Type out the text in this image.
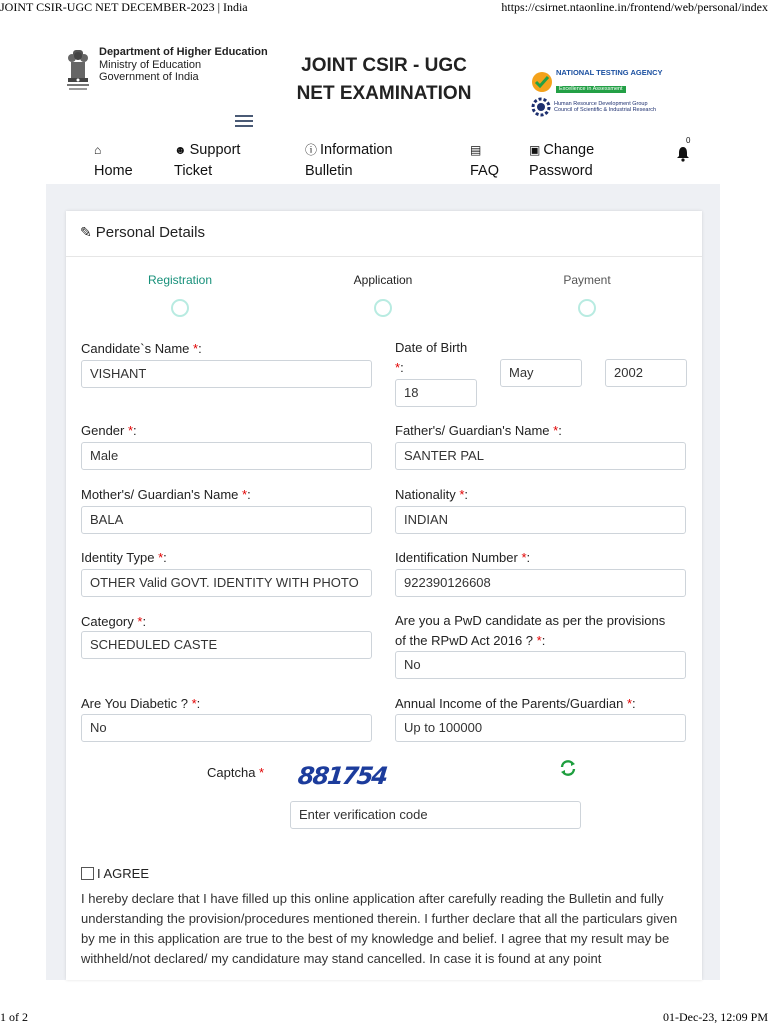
JOINT CSIR-UGC NET DECEMBER-2023 | India	https://csirnet.ntaonline.in/frontend/web/personal/index
Department of Higher Education
Ministry of Education
Government of India
JOINT CSIR - UGC
NET EXAMINATION
NATIONAL TESTING AGENCY
Excellence in Assessment
Human Resource Development Group
Council of Scientific & Industrial Research
⌂
Home
☻ Support
Ticket
ⓘ Information
Bulletin
▤
FAQ
▣ Change
Password
0
✎ Personal Details
Registration	Application	Payment
Candidate`s Name *:
VISHANT
Date of Birth
*:
18
May	2002
Gender *:
Male
Father's/ Guardian's Name *:
SANTER PAL
Mother's/ Guardian's Name *:
BALA
Nationality *:
INDIAN
Identity Type *:
OTHER Valid GOVT. IDENTITY WITH PHOTO
Identification Number *:
922390126608
Category *:
SCHEDULED CASTE
Are you a PwD candidate as per the provisions
of the RPwD Act 2016 ? *:
No
Are You Diabetic ? *:
No
Annual Income of the Parents/Guardian *:
Up to 100000
Captcha * 881754
Enter verification code
I AGREE
I hereby declare that I have filled up this online application after carefully reading the Bulletin and fully understanding the provision/procedures mentioned therein. I further declare that all the particulars given by me in this application are true to the best of my knowledge and belief. I agree that my result may be withheld/not declared/ my candidature may stand cancelled. In case it is found at any point
1 of 2	01-Dec-23, 12:09 PM
